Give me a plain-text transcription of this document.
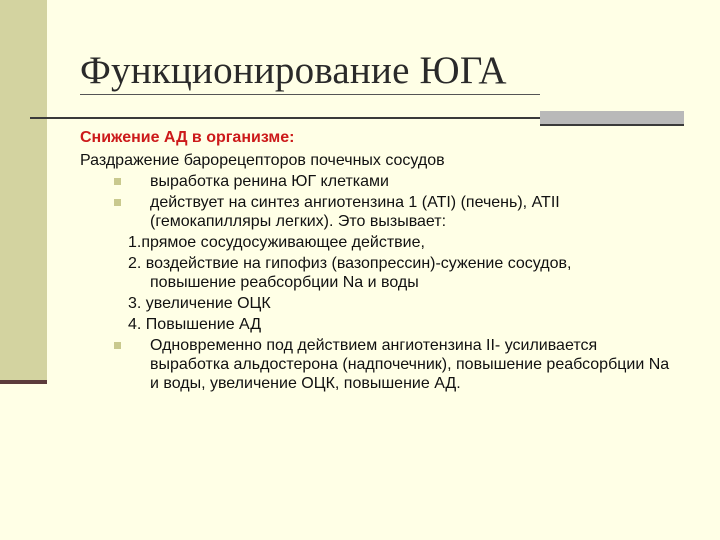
Функционирование ЮГА
Снижение АД в организме:
Раздражение барорецепторов почечных сосудов
выработка ренина ЮГ клетками
действует на синтез ангиотензина 1 (ATI) (печень), ATII (гемокапилляры легких). Это вызывает:
1.прямое сосудосуживающее действие,
2. воздействие на гипофиз (вазопрессин)-сужение сосудов,
повышение реабсорбции Na и воды
3. увеличение ОЦК
4. Повышение АД
Одновременно под действием ангиотензина II- усиливается выработка альдостерона (надпочечник), повышение реабсорбции Na и воды, увеличение ОЦК, повышение АД.
